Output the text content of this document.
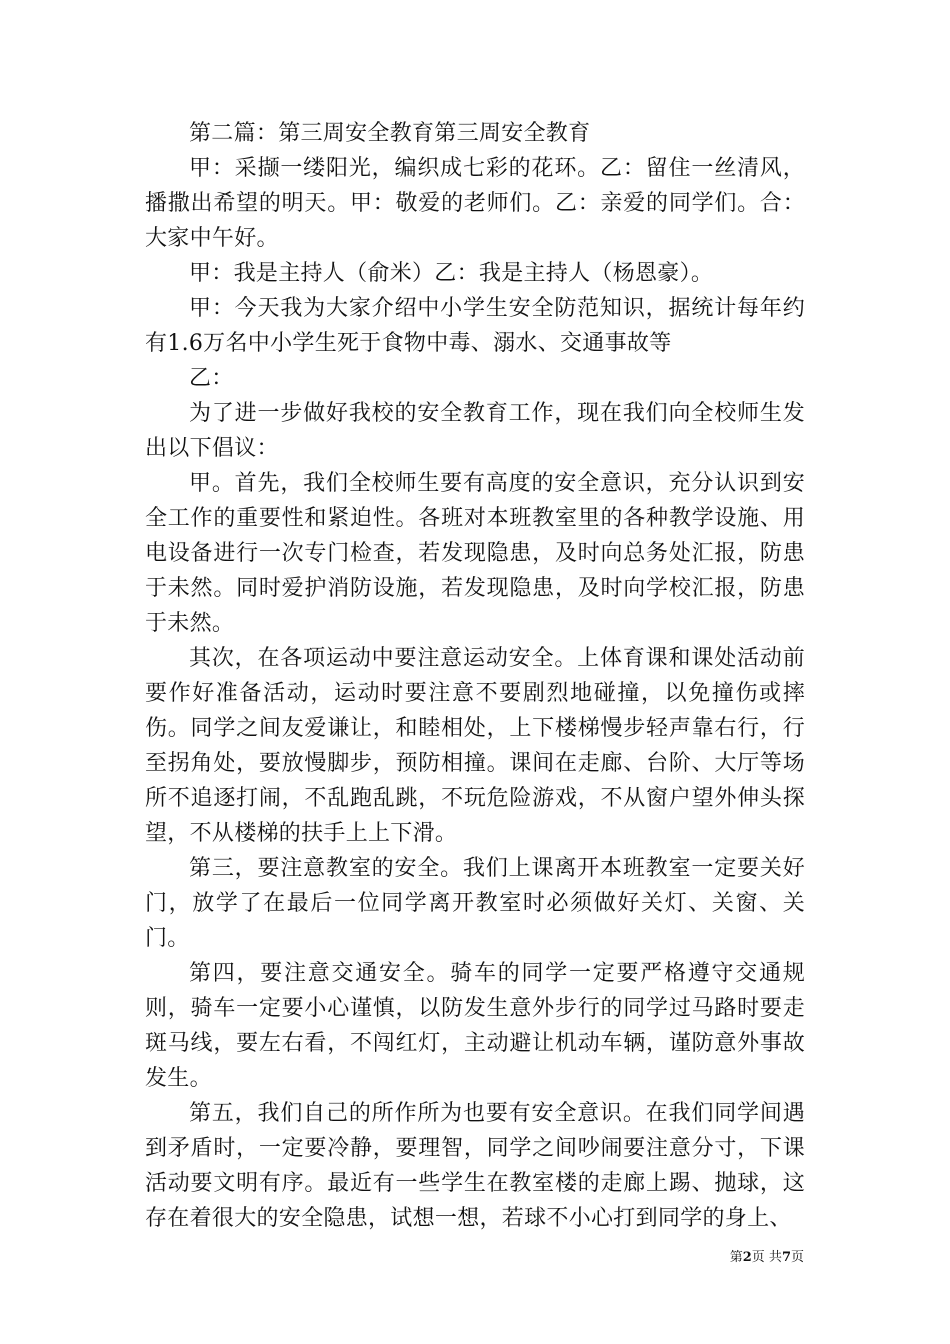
第二篇：第三周安全教育第三周安全教育

甲：采撷一缕阳光，编织成七彩的花环。乙：留住一丝清风，播撒出希望的明天。甲：敬爱的老师们。乙：亲爱的同学们。合：大家中午好。

甲：我是主持人（俞米）乙：我是主持人（杨恩豪）。

甲：今天我为大家介绍中小学生安全防范知识，据统计每年约有1.6万名中小学生死于食物中毒、溺水、交通事故等

乙：

为了进一步做好我校的安全教育工作，现在我们向全校师生发出以下倡议：

甲。首先，我们全校师生要有高度的安全意识，充分认识到安全工作的重要性和紧迫性。各班对本班教室里的各种教学设施、用电设备进行一次专门检查，若发现隐患，及时向总务处汇报，防患于未然。同时爱护消防设施，若发现隐患，及时向学校汇报，防患于未然。

其次，在各项运动中要注意运动安全。上体育课和课处活动前要作好准备活动，运动时要注意不要剧烈地碰撞，以免撞伤或摔伤。同学之间友爱谦让，和睦相处，上下楼梯慢步轻声靠右行，行至拐角处，要放慢脚步，预防相撞。课间在走廊、台阶、大厅等场所不追逐打闹，不乱跑乱跳，不玩危险游戏，不从窗户望外伸头探望，不从楼梯的扶手上上下滑。

第三，要注意教室的安全。我们上课离开本班教室一定要关好门，放学了在最后一位同学离开教室时必须做好关灯、关窗、关门。

第四，要注意交通安全。骑车的同学一定要严格遵守交通规则，骑车一定要小心谨慎，以防发生意外步行的同学过马路时要走斑马线，要左右看，不闯红灯，主动避让机动车辆，谨防意外事故发生。

第五，我们自己的所作所为也要有安全意识。在我们同学间遇到矛盾时，一定要冷静，要理智，同学之间吵闹要注意分寸，下课活动要文明有序。最近有一些学生在教室楼的走廊上踢、抛球，这存在着很大的安全隐患，试想一想，若球不小心打到同学的身上、

第2页 共7页
